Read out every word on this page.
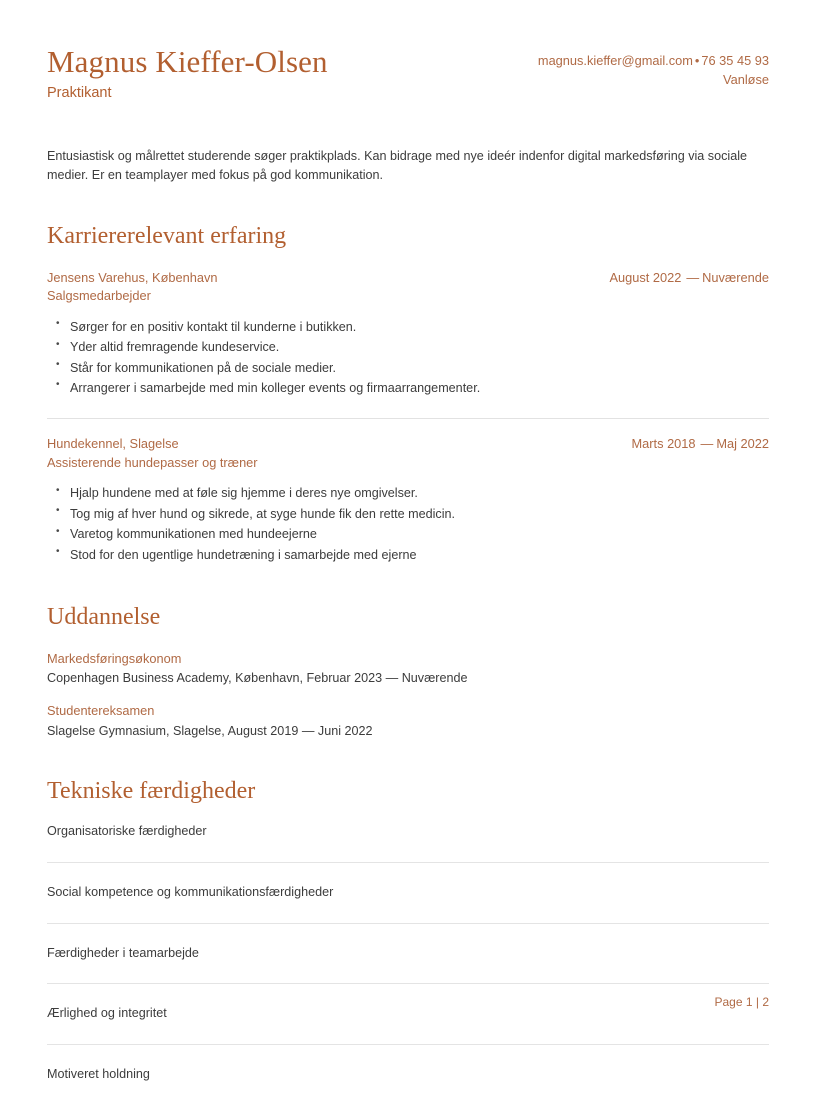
Magnus Kieffer-Olsen
Praktikant
magnus.kieffer@gmail.com • 76 35 45 93
Vanløse
Entusiastisk og målrettet studerende søger praktikplads. Kan bidrage med nye ideér indenfor digital markedsføring via sociale medier. Er en teamplayer med fokus på god kommunikation.
Karriererelevant erfaring
Jensens Varehus, København	August 2022 — Nuværende
Salgsmedarbejder
• Sørger for en positiv kontakt til kunderne i butikken.
• Yder altid fremragende kundeservice.
• Står for kommunikationen på de sociale medier.
• Arrangerer i samarbejde med min kolleger events og firmaarrangementer.
Hundekennel, Slagelse	Marts 2018 — Maj 2022
Assisterende hundepasser og træner
• Hjalp hundene med at føle sig hjemme i deres nye omgivelser.
• Tog mig af hver hund og sikrede, at syge hunde fik den rette medicin.
• Varetog kommunikationen med hundeejerne
• Stod for den ugentlige hundetræning i samarbejde med ejerne
Uddannelse
Markedsføringsøkonom
Copenhagen Business Academy, København, Februar 2023 — Nuværende
Studentereksamen
Slagelse Gymnasium, Slagelse, August 2019 — Juni 2022
Tekniske færdigheder
Organisatoriske færdigheder
Social kompetence og kommunikationsfærdigheder
Færdigheder i teamarbejde
Ærlighed og integritet
Motiveret holdning
Page 1 | 2
